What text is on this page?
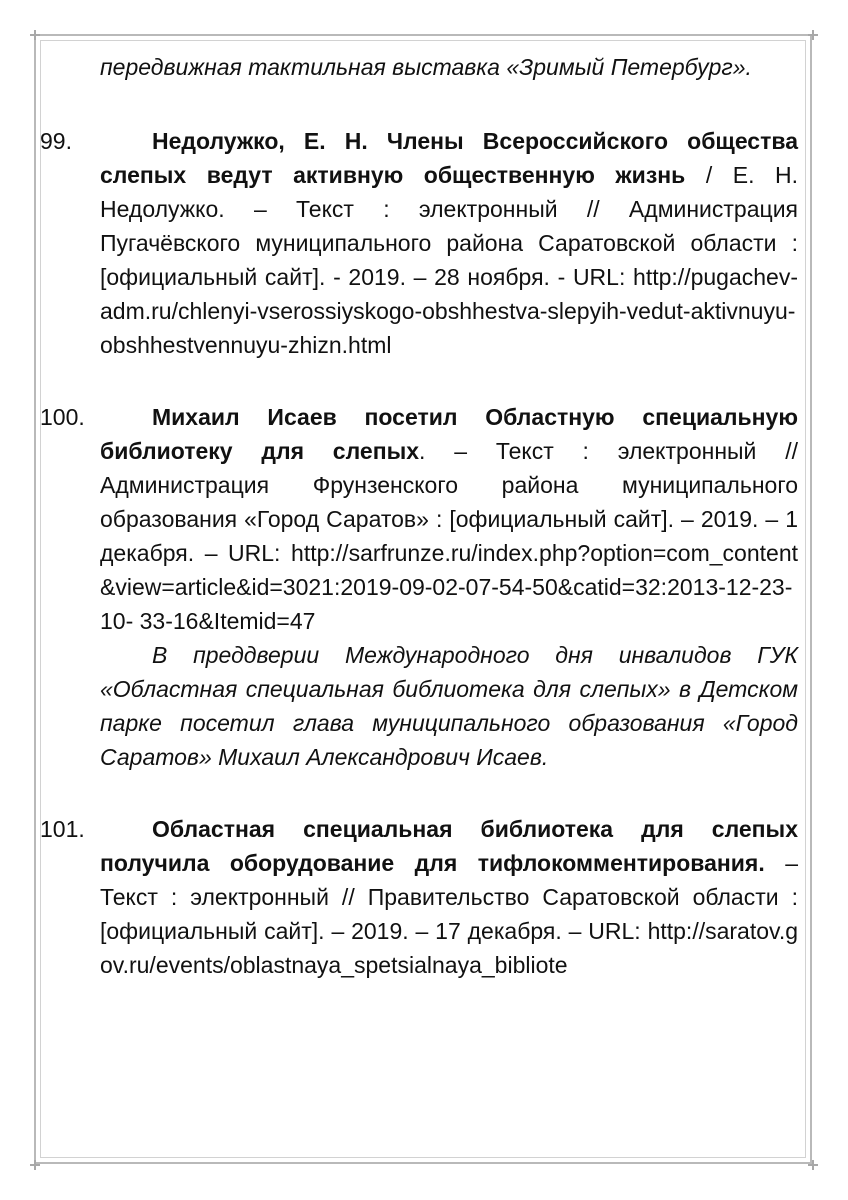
передвижная тактильная выставка «Зримый Петербург».

99.	Недолужко, Е. Н. Члены Всероссийского общества слепых ведут активную общественную жизнь / Е. Н. Недолужко. – Текст : электронный // Администрация Пугачёвского муниципального района Саратовской области : [официальный сайт]. - 2019. – 28 ноября. - URL: http://pugachev-adm.ru/chlenyi-vserossiyskogo-obshhestva-slepyih-vedut-aktivnuyu-obshhestvennuyu-zhizn.html

100.	Михаил Исаев посетил Областную специальную библиотеку для слепых. – Текст : электронный // Администрация Фрунзенского района муниципального образования «Город Саратов» : [официальный сайт]. – 2019. – 1 декабря. – URL: http://sarfrunze.ru/index.php?option=com_content&view=article&id=3021:2019-09-02-07-54-50&catid=32:2013-12-23-10- 33-16&Itemid=47

В преддверии Международного дня инвалидов ГУК «Областная специальная библиотека для слепых» в Детском парке посетил глава муниципального образования «Город Саратов» Михаил Александрович Исаев.

101.	Областная специальная библиотека для слепых получила оборудование для тифлокомментирования. – Текст : электронный // Правительство Саратовской области : [официальный сайт]. – 2019. – 17 декабря. – URL: http://saratov.gov.ru/events/oblastnaya_spetsialnaya_bibliote
